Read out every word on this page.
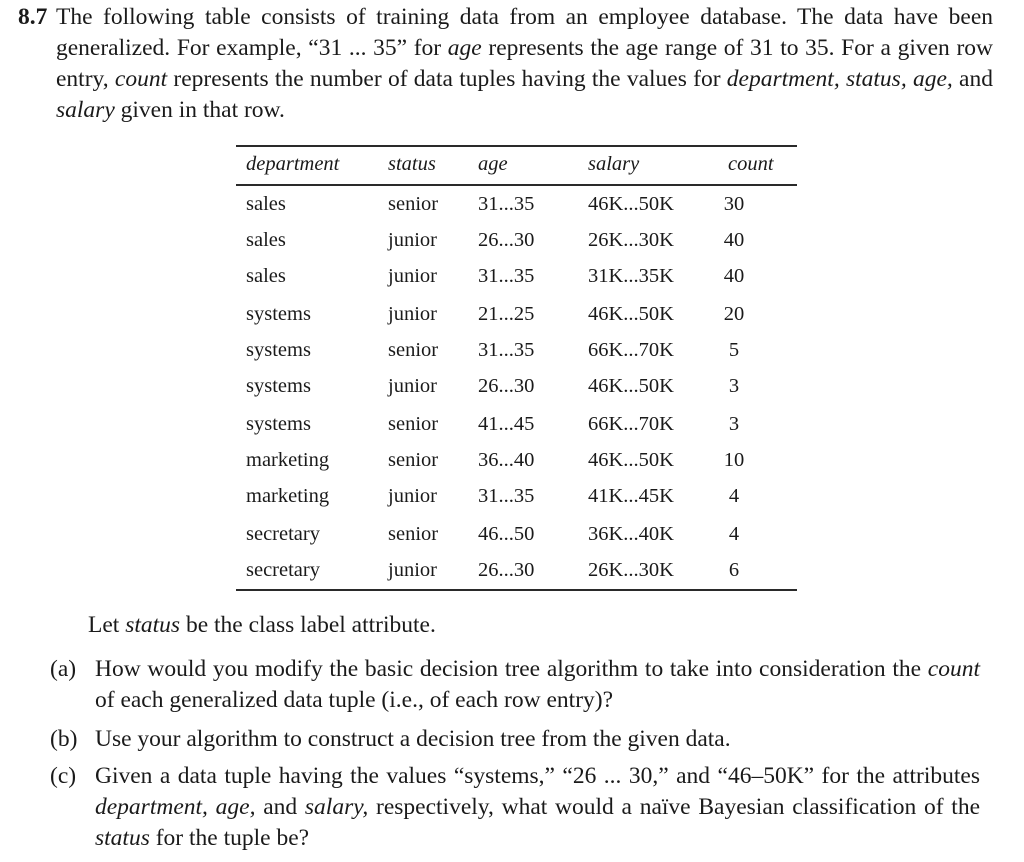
8.7 The following table consists of training data from an employee database. The data have been generalized. For example, “31 ... 35” for age represents the age range of 31 to 35. For a given row entry, count represents the number of data tuples having the values for department, status, age, and salary given in that row.
department status age	salary	count
sales	senior 31...35	46K...50K	30
sales	junior 26...30	26K...30K	40
sales	junior 31...35	31K...35K	40
systems	junior 21...25	46K...50K	20
systems	senior 31...35	66K...70K	5
systems	junior 26...30	46K...50K	3
systems	senior 41...45	66K...70K	3
marketing	senior 36...40	46K...50K	10
marketing	junior 31...35	41K...45K	4
secretary	senior 46...50	36K...40K	4
secretary	junior 26...30	26K...30K	6
Let status be the class label attribute.
(a) How would you modify the basic decision tree algorithm to take into consideration the count of each generalized data tuple (i.e., of each row entry)?
(b) Use your algorithm to construct a decision tree from the given data.
(c) Given a data tuple having the values “systems,” “26 ... 30,” and “46–50K” for the attributes department, age, and salary, respectively, what would a naïve Bayesian classification of the status for the tuple be?
